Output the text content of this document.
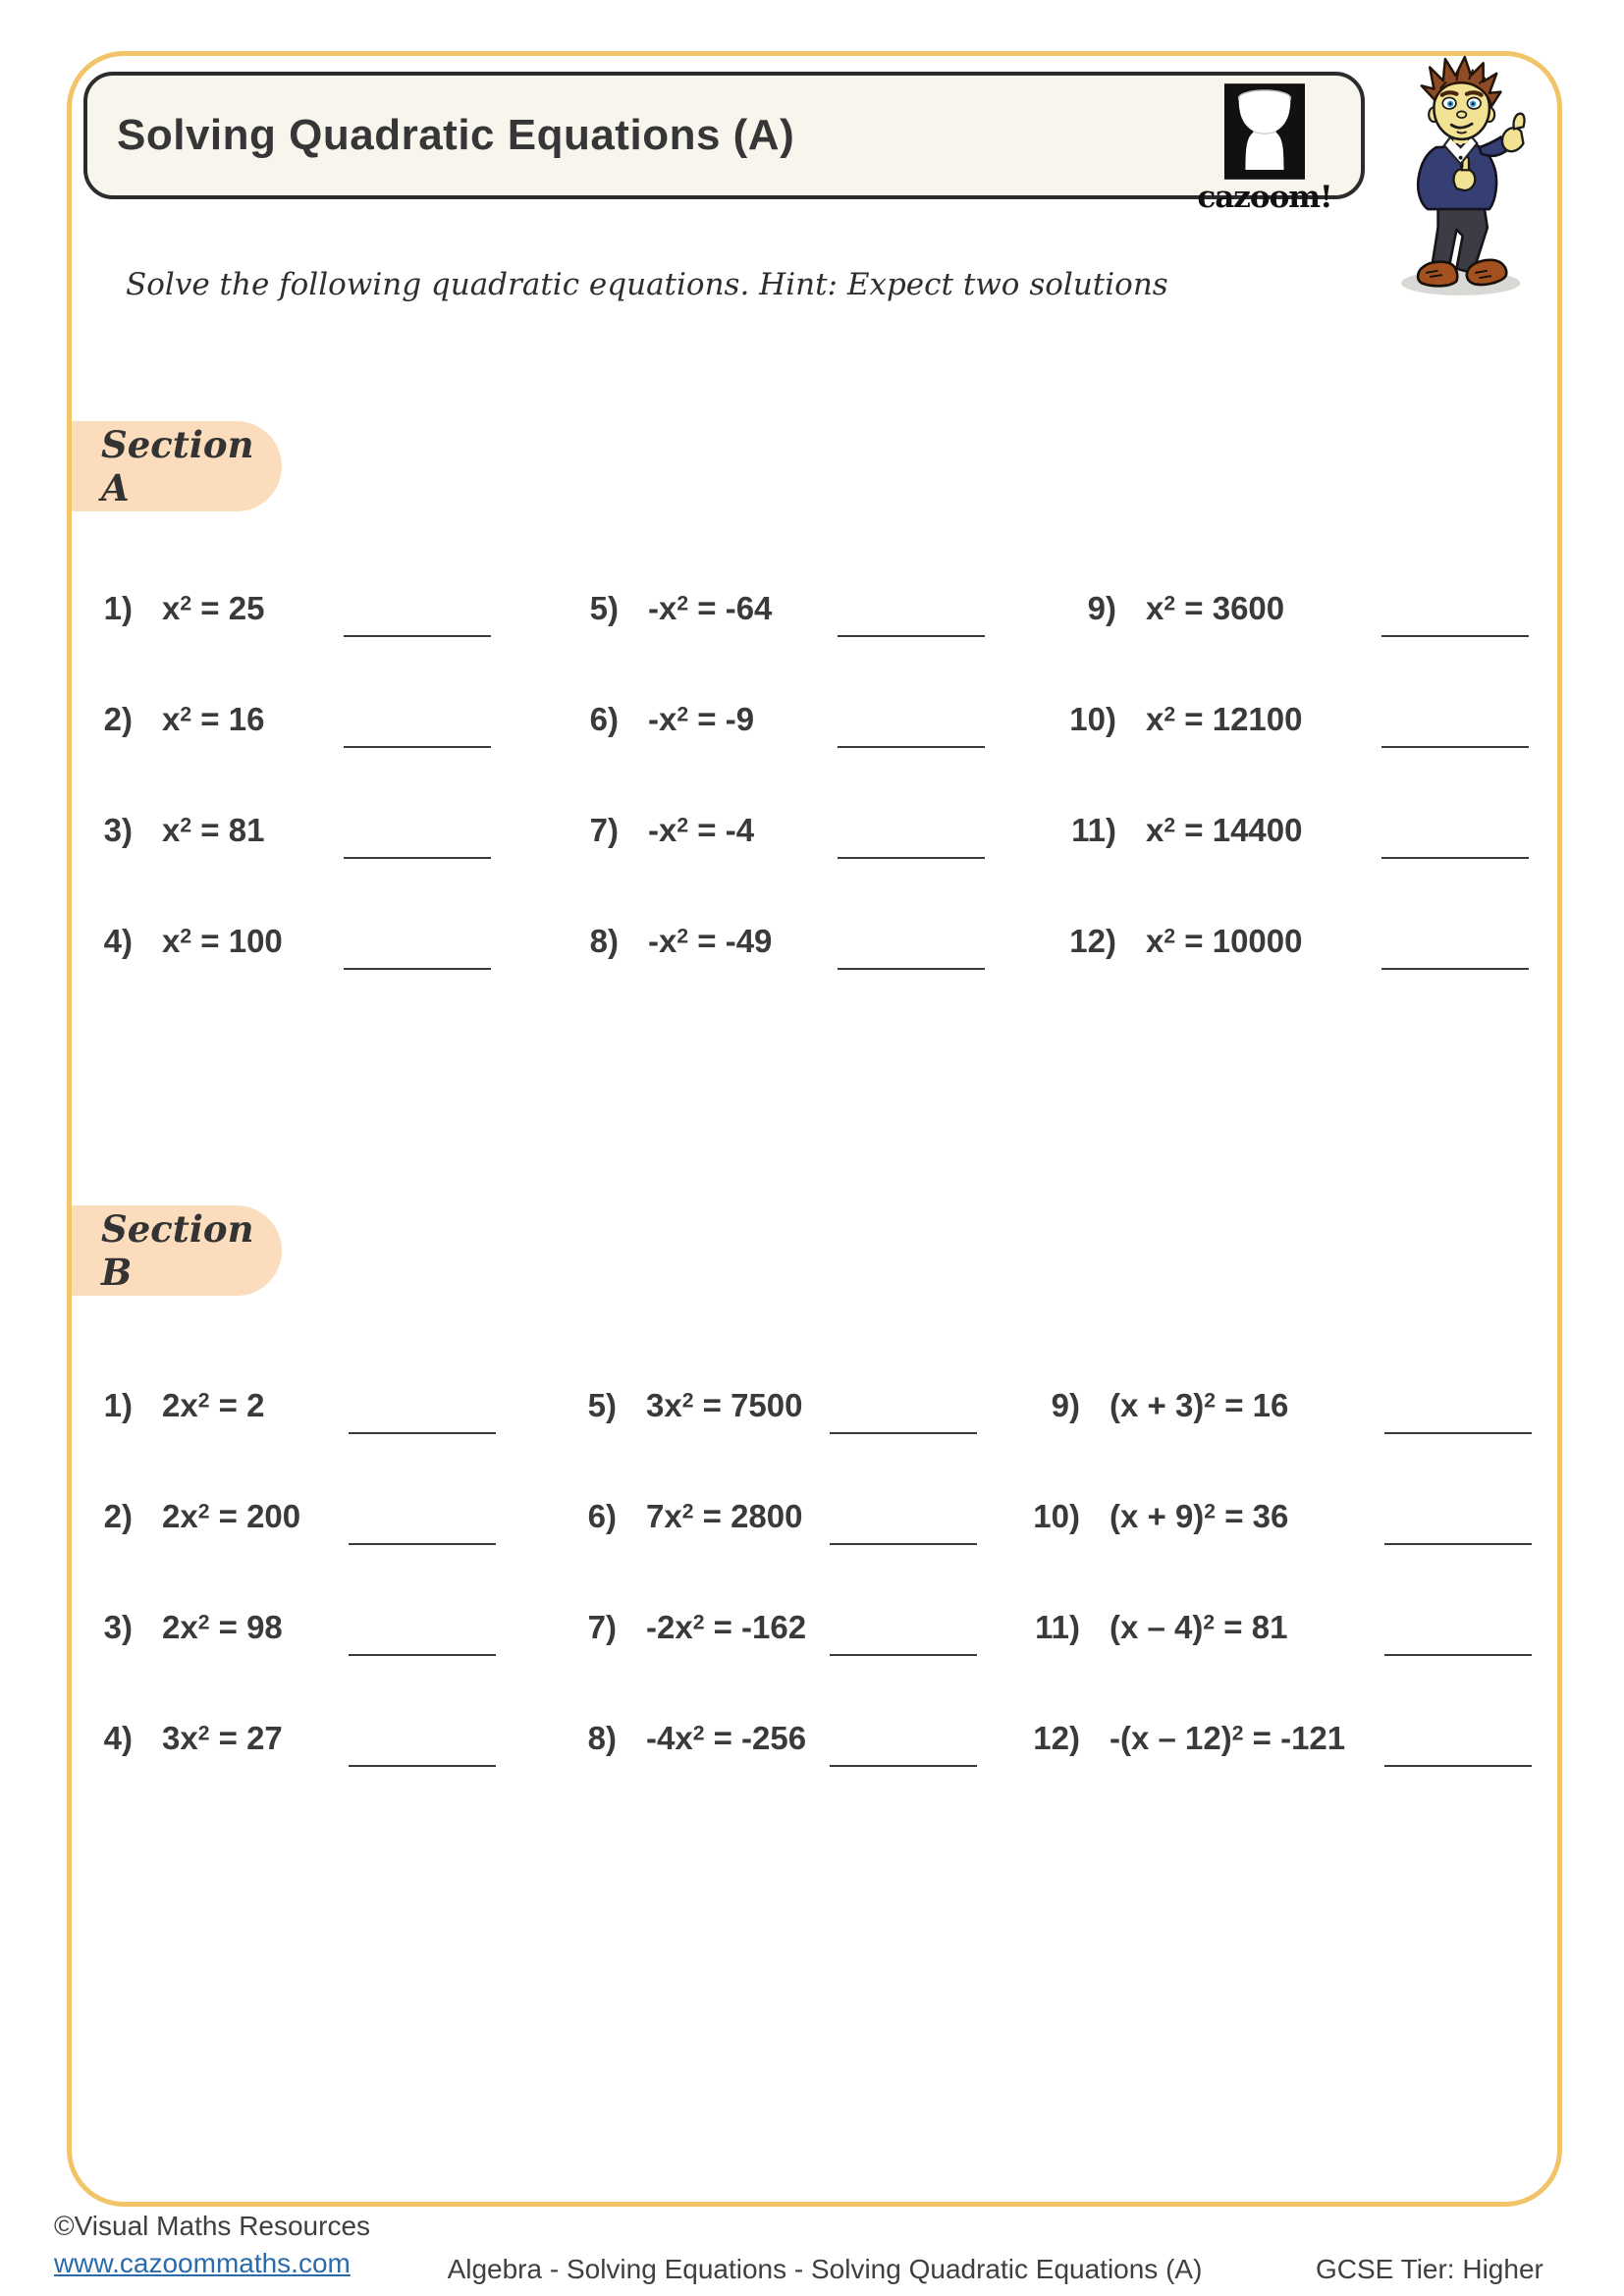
Solving Quadratic Equations (A)
cazoom!

Solve the following quadratic equations. Hint: Expect two solutions

Section A
1) $x^2 = 25$
2) $x^2 = 16$
3) $x^2 = 81$
4) $x^2 = 100$
5) $-x^2 = -64$
6) $-x^2 = -9$
7) $-x^2 = -4$
8) $-x^2 = -49$
9) $x^2 = 3600$
10) $x^2 = 12100$
11) $x^2 = 14400$
12) $x^2 = 10000$
Section B
1) $2x^2 = 2$
2) $2x^2 = 200$
3) $2x^2 = 98$
4) $3x^2 = 27$
5) $3x^2 = 7500$
6) $7x^2 = 2800$
7) $-2x^2 = -162$
8) $-4x^2 = -256$
9) $(x + 3)^2 = 16$
10) $(x + 9)^2 = 36$
11) (x – 4)$^2$ = 81
12) -(x – 12)$^2$ = -121
©Visual Maths Resources
www.cazoommaths.com	Algebra - Solving Equations - Solving Quadratic Equations (A)	GCSE Tier: Higher
